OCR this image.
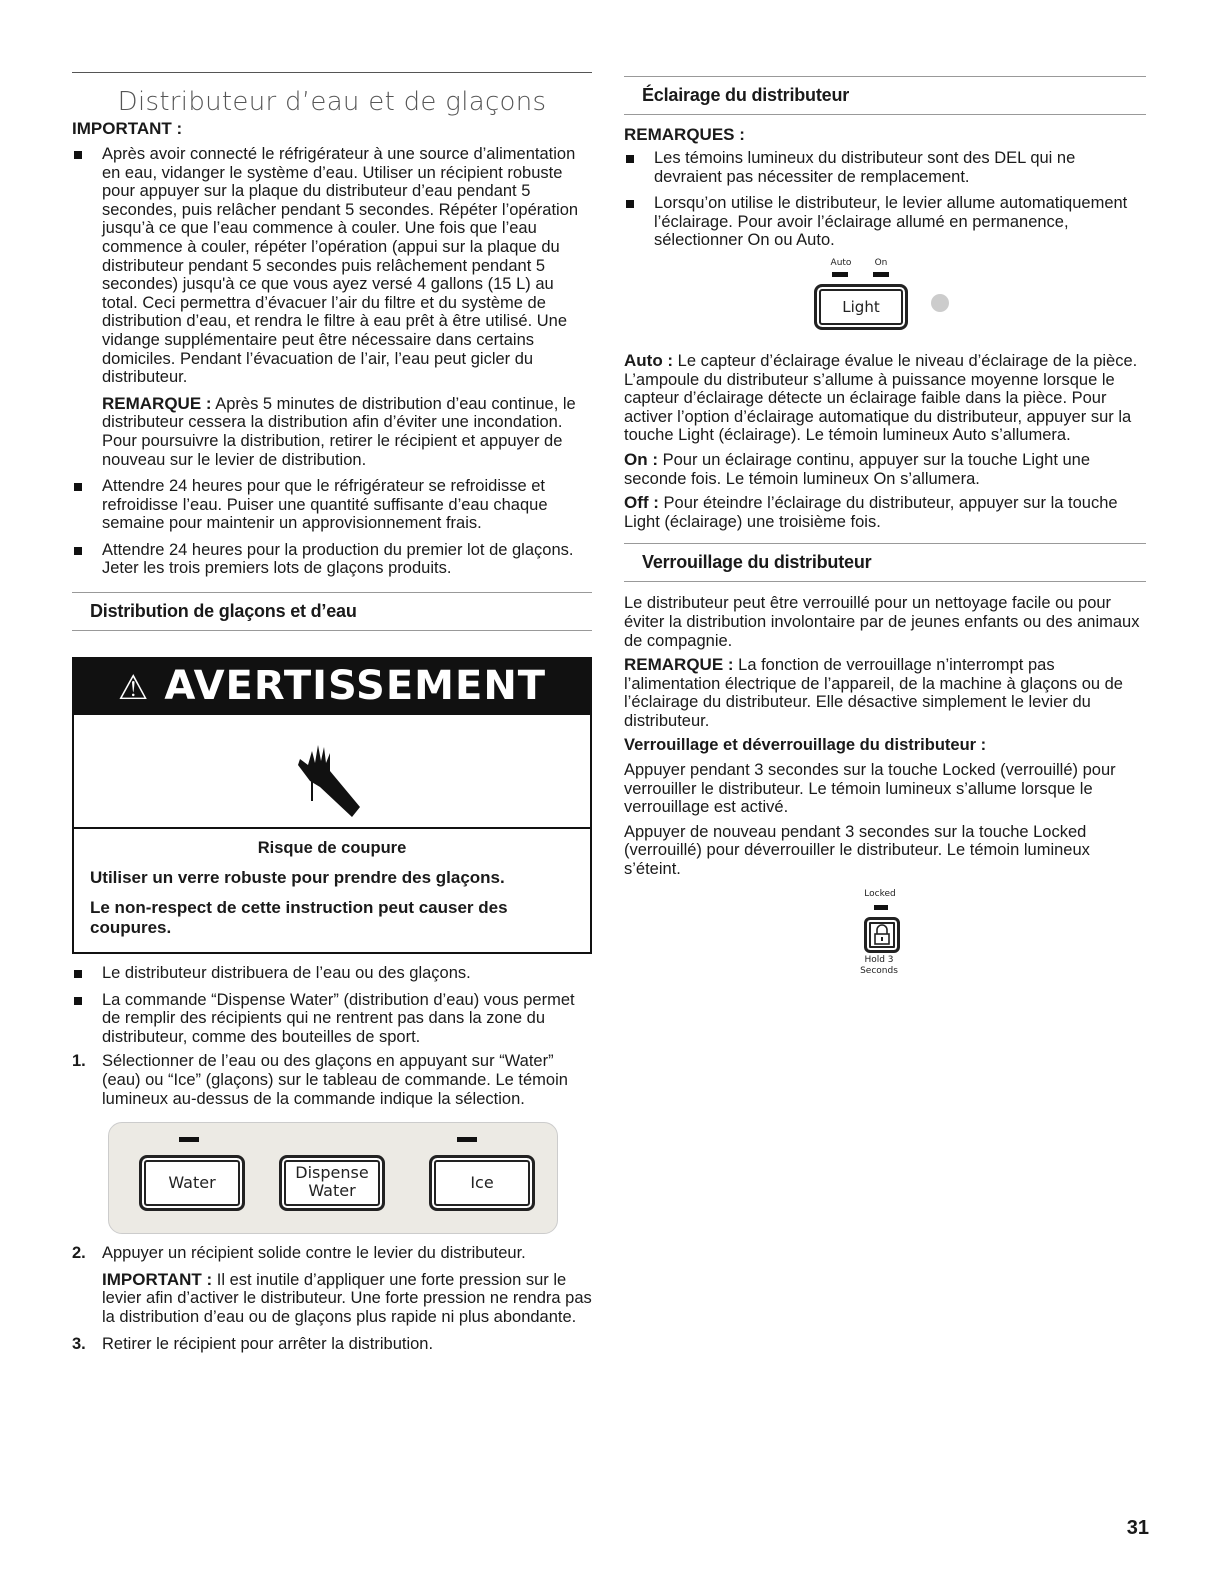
Distributeur d’eau et de glaçons
IMPORTANT :

Après avoir connecté le réfrigérateur à une source d’alimentation en eau, vidanger le système d’eau. Utiliser un récipient robuste pour appuyer sur la plaque du distributeur d’eau pendant 5 secondes, puis relâcher pendant 5 secondes. Répéter l’opération jusqu’à ce que l’eau commence à couler. Une fois que l’eau commence à couler, répéter l’opération (appui sur la plaque du distributeur pendant 5 secondes puis relâchement pendant 5 secondes) jusqu'à ce que vous ayez versé 4 gallons (15 L) au total. Ceci permettra d’évacuer l’air du filtre et du système de distribution d’eau, et rendra le filtre à eau prêt à être utilisé. Une vidange supplémentaire peut être nécessaire dans certains domiciles. Pendant l’évacuation de l’air, l’eau peut gicler du distributeur.

REMARQUE : Après 5 minutes de distribution d’eau continue, le distributeur cessera la distribution afin d’éviter une incondation. Pour poursuivre la distribution, retirer le récipient et appuyer de nouveau sur le levier de distribution.

Attendre 24 heures pour que le réfrigérateur se refroidisse et refroidisse l’eau. Puiser une quantité suffisante d’eau chaque semaine pour maintenir un approvisionnement frais.

Attendre 24 heures pour la production du premier lot de glaçons. Jeter les trois premiers lots de glaçons produits.

Distribution de glaçons et d’eau
⚠ AVERTISSEMENT

Risque de coupure

Utiliser un verre robuste pour prendre des glaçons.

Le non-respect de cette instruction peut causer des coupures.

Le distributeur distribuera de l’eau ou des glaçons.

La commande “Dispense Water” (distribution d’eau) vous permet de remplir des récipients qui ne rentrent pas dans la zone du distributeur, comme des bouteilles de sport.

1. Sélectionner de l’eau ou des glaçons en appuyant sur “Water” (eau) ou “Ice” (glaçons) sur le tableau de commande. Le témoin lumineux au-dessus de la commande indique la sélection.

Water
Dispense
Water	Ice
2. Appuyer un récipient solide contre le levier du distributeur.

IMPORTANT : Il est inutile d’appliquer une forte pression sur le levier afin d’activer le distributeur. Une forte pression ne rendra pas la distribution d’eau ou de glaçons plus rapide ni plus abondante.

3. Retirer le récipient pour arrêter la distribution.

Éclairage du distributeur
REMARQUES :

Les témoins lumineux du distributeur sont des DEL qui ne devraient pas nécessiter de remplacement.

Lorsqu’on utilise le distributeur, le levier allume automatiquement l’éclairage. Pour avoir l’éclairage allumé en permanence, sélectionner On ou Auto.

Auto	On
Light

Auto : Le capteur d’éclairage évalue le niveau d’éclairage de la pièce. L’ampoule du distributeur s’allume à puissance moyenne lorsque le capteur d’éclairage détecte un éclairage faible dans la pièce. Pour activer l’option d’éclairage automatique du distributeur, appuyer sur la touche Light (éclairage). Le témoin lumineux Auto s’allumera.

On : Pour un éclairage continu, appuyer sur la touche Light une seconde fois. Le témoin lumineux On s’allumera.

Off : Pour éteindre l’éclairage du distributeur, appuyer sur la touche Light (éclairage) une troisième fois.

Verrouillage du distributeur

Le distributeur peut être verrouillé pour un nettoyage facile ou pour éviter la distribution involontaire par de jeunes enfants ou des animaux de compagnie.

REMARQUE : La fonction de verrouillage n’interrompt pas l’alimentation électrique de l’appareil, de la machine à glaçons ou de l’éclairage du distributeur. Elle désactive simplement le levier du distributeur.

Verrouillage et déverrouillage du distributeur :

Appuyer pendant 3 secondes sur la touche Locked (verrouillé) pour verrouiller le distributeur. Le témoin lumineux s’allume lorsque le verrouillage est activé.

Appuyer de nouveau pendant 3 secondes sur la touche Locked (verrouillé) pour déverrouiller le distributeur. Le témoin lumineux s’éteint.

Locked
Hold 3
Seconds
31
